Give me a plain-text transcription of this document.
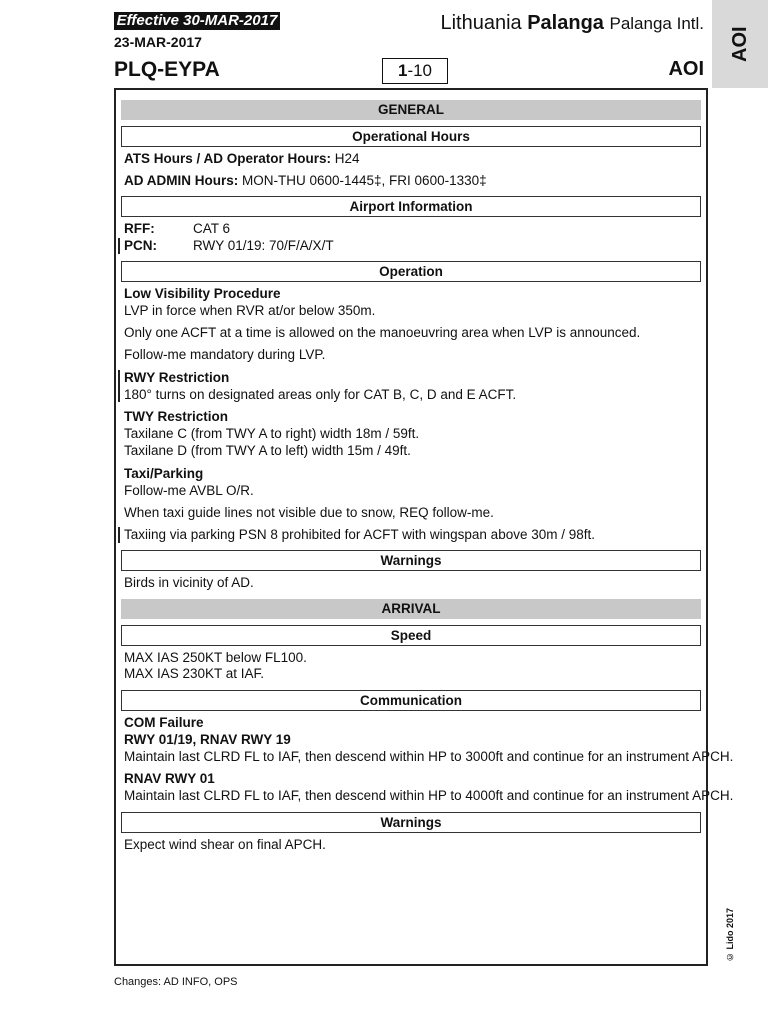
Effective 30-MAR-2017
23-MAR-2017
Lithuania Palanga Palanga Intl.
PLQ-EYPA	1-10	AOI
AOI
GENERAL
Operational Hours
ATS Hours / AD Operator Hours: H24
AD ADMIN Hours: MON-THU 0600-1445‡, FRI 0600-1330‡
Airport Information
RFF:	CAT 6
PCN:	RWY 01/19: 70/F/A/X/T
Operation
Low Visibility Procedure
LVP in force when RVR at/or below 350m.
Only one ACFT at a time is allowed on the manoeuvring area when LVP is announced.
Follow-me mandatory during LVP.
RWY Restriction
180° turns on designated areas only for CAT B, C, D and E ACFT.
TWY Restriction
Taxilane C (from TWY A to right) width 18m / 59ft.
Taxilane D (from TWY A to left) width 15m / 49ft.
Taxi/Parking
Follow-me AVBL O/R.
When taxi guide lines not visible due to snow, REQ follow-me.
Taxiing via parking PSN 8 prohibited for ACFT with wingspan above 30m / 98ft.
Warnings
Birds in vicinity of AD.
ARRIVAL
Speed
MAX IAS 250KT below FL100.
MAX IAS 230KT at IAF.
Communication
COM Failure
RWY 01/19, RNAV RWY 19
Maintain last CLRD FL to IAF, then descend within HP to 3000ft and continue for an instrument APCH.
RNAV RWY 01
Maintain last CLRD FL to IAF, then descend within HP to 4000ft and continue for an instrument APCH.
Warnings
Expect wind shear on final APCH.
Changes: AD INFO, OPS
© Lido 2017
